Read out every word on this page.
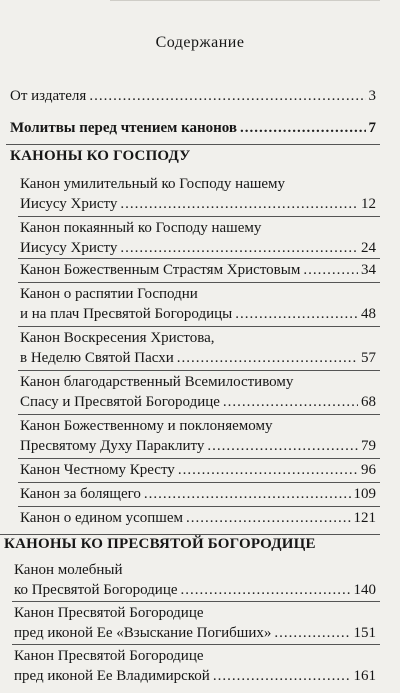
Содержание
От издателя .....	3
Молитвы перед чтением канонов .....	7
КАНОНЫ КО ГОСПОДУ
Канон умилительный ко Господу нашему
Иисусу Христу .....	12
Канон покаянный ко Господу нашему
Иисусу Христу .....	24
Канон Божественным Страстям Христовым .....	34
Канон о распятии Господни
и на плач Пресвятой Богородицы .....	48
Канон Воскресения Христова,
в Неделю Святой Пасхи .....	57
Канон благодарственный Всемилостивому
Спасу и Пресвятой Богородице .....	68
Канон Божественному и поклоняемому
Пресвятому Духу Параклиту .....	79
Канон Честному Кресту .....	96
Канон за болящего .....	109
Канон о едином усопшем .....	121
КАНОНЫ КО ПРЕСВЯТОЙ БОГОРОДИЦЕ
Канон молебный
ко Пресвятой Богородице .....	140
Канон Пресвятой Богородице
пред иконой Ее «Взыскание Погибших» .....	151
Канон Пресвятой Богородице
пред иконой Ее Владимирской .....	161
